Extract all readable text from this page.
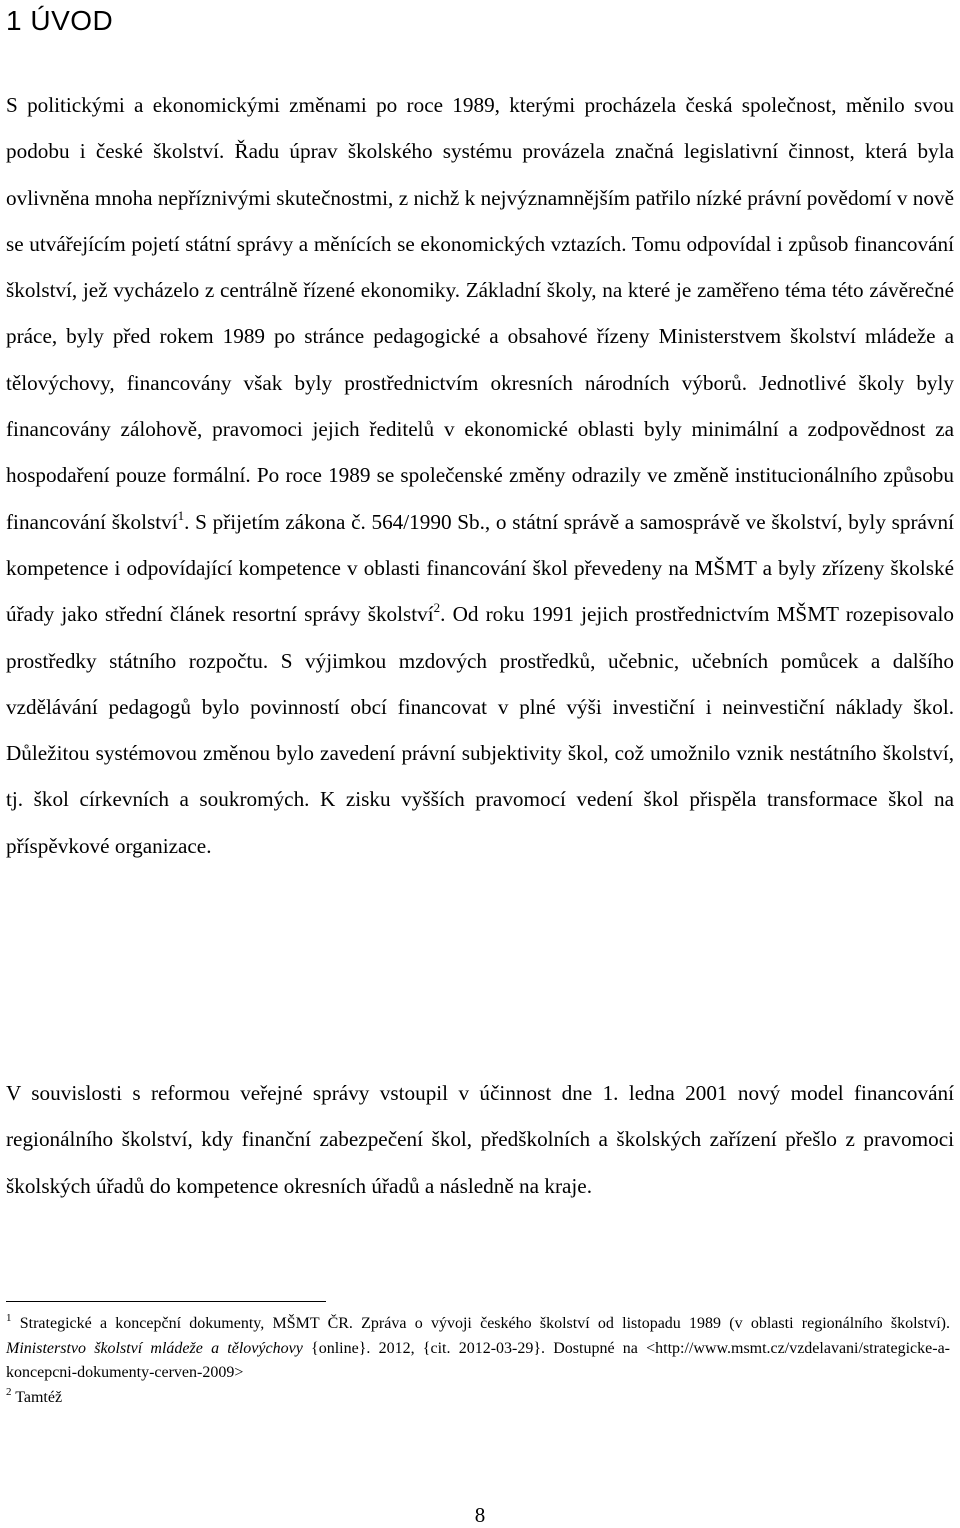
1 ÚVOD

S politickými a ekonomickými změnami po roce 1989, kterými procházela česká společnost, měnilo svou podobu i české školství. Řadu úprav školského systému provázela značná legislativní činnost, která byla ovlivněna mnoha nepříznivými skutečnostmi, z nichž k nejvýznamnějším patřilo nízké právní povědomí v nově se utvářejícím pojetí státní správy a měnících se ekonomických vztazích. Tomu odpovídal i způsob financování školství, jež vycházelo z centrálně řízené ekonomiky. Základní školy, na které je zaměřeno téma této závěrečné práce, byly před rokem 1989 po stránce pedagogické a obsahové řízeny Ministerstvem školství mládeže a tělovýchovy, financovány však byly prostřednictvím okresních národních výborů. Jednotlivé školy byly financovány zálohově, pravomoci jejich ředitelů v ekonomické oblasti byly minimální a zodpovědnost za hospodaření pouze formální. Po roce 1989 se společenské změny odrazily ve změně institucionálního způsobu financování školství$^1$. S přijetím zákona č. 564/1990 Sb., o státní správě a samosprávě ve školství, byly správní kompetence i odpovídající kompetence v oblasti financování škol převedeny na MŠMT a byly zřízeny školské úřady jako střední článek resortní správy školství$^2$. Od roku 1991 jejich prostřednictvím MŠMT rozepisovalo prostředky státního rozpočtu. S výjimkou mzdových prostředků, učebnic, učebních pomůcek a dalšího vzdělávání pedagogů bylo povinností obcí financovat v plné výši investiční i neinvestiční náklady škol. Důležitou systémovou změnou bylo zavedení právní subjektivity škol, což umožnilo vznik nestátního školství, tj. škol církevních a soukromých. K zisku vyšších pravomocí vedení škol přispěla transformace škol na příspěvkové organizace.

V souvislosti s reformou veřejné správy vstoupil v účinnost dne 1. ledna 2001 nový model financování regionálního školství, kdy finanční zabezpečení škol, předškolních a školských zařízení přešlo z pravomoci školských úřadů do kompetence okresních úřadů a následně na kraje.

$^1$ Strategické a koncepční dokumenty, MŠMT ČR. Zpráva o vývoji českého školství od listopadu 1989 (v oblasti regionálního školství). Ministerstvo školství mládeže a tělovýchovy {online}. 2012, {cit. 2012-03-29}. Dostupné na <http://www.msmt.cz/vzdelavani/strategicke-a-koncepcni-dokumenty-cerven-2009>

$^2$ Tamtéž

8
